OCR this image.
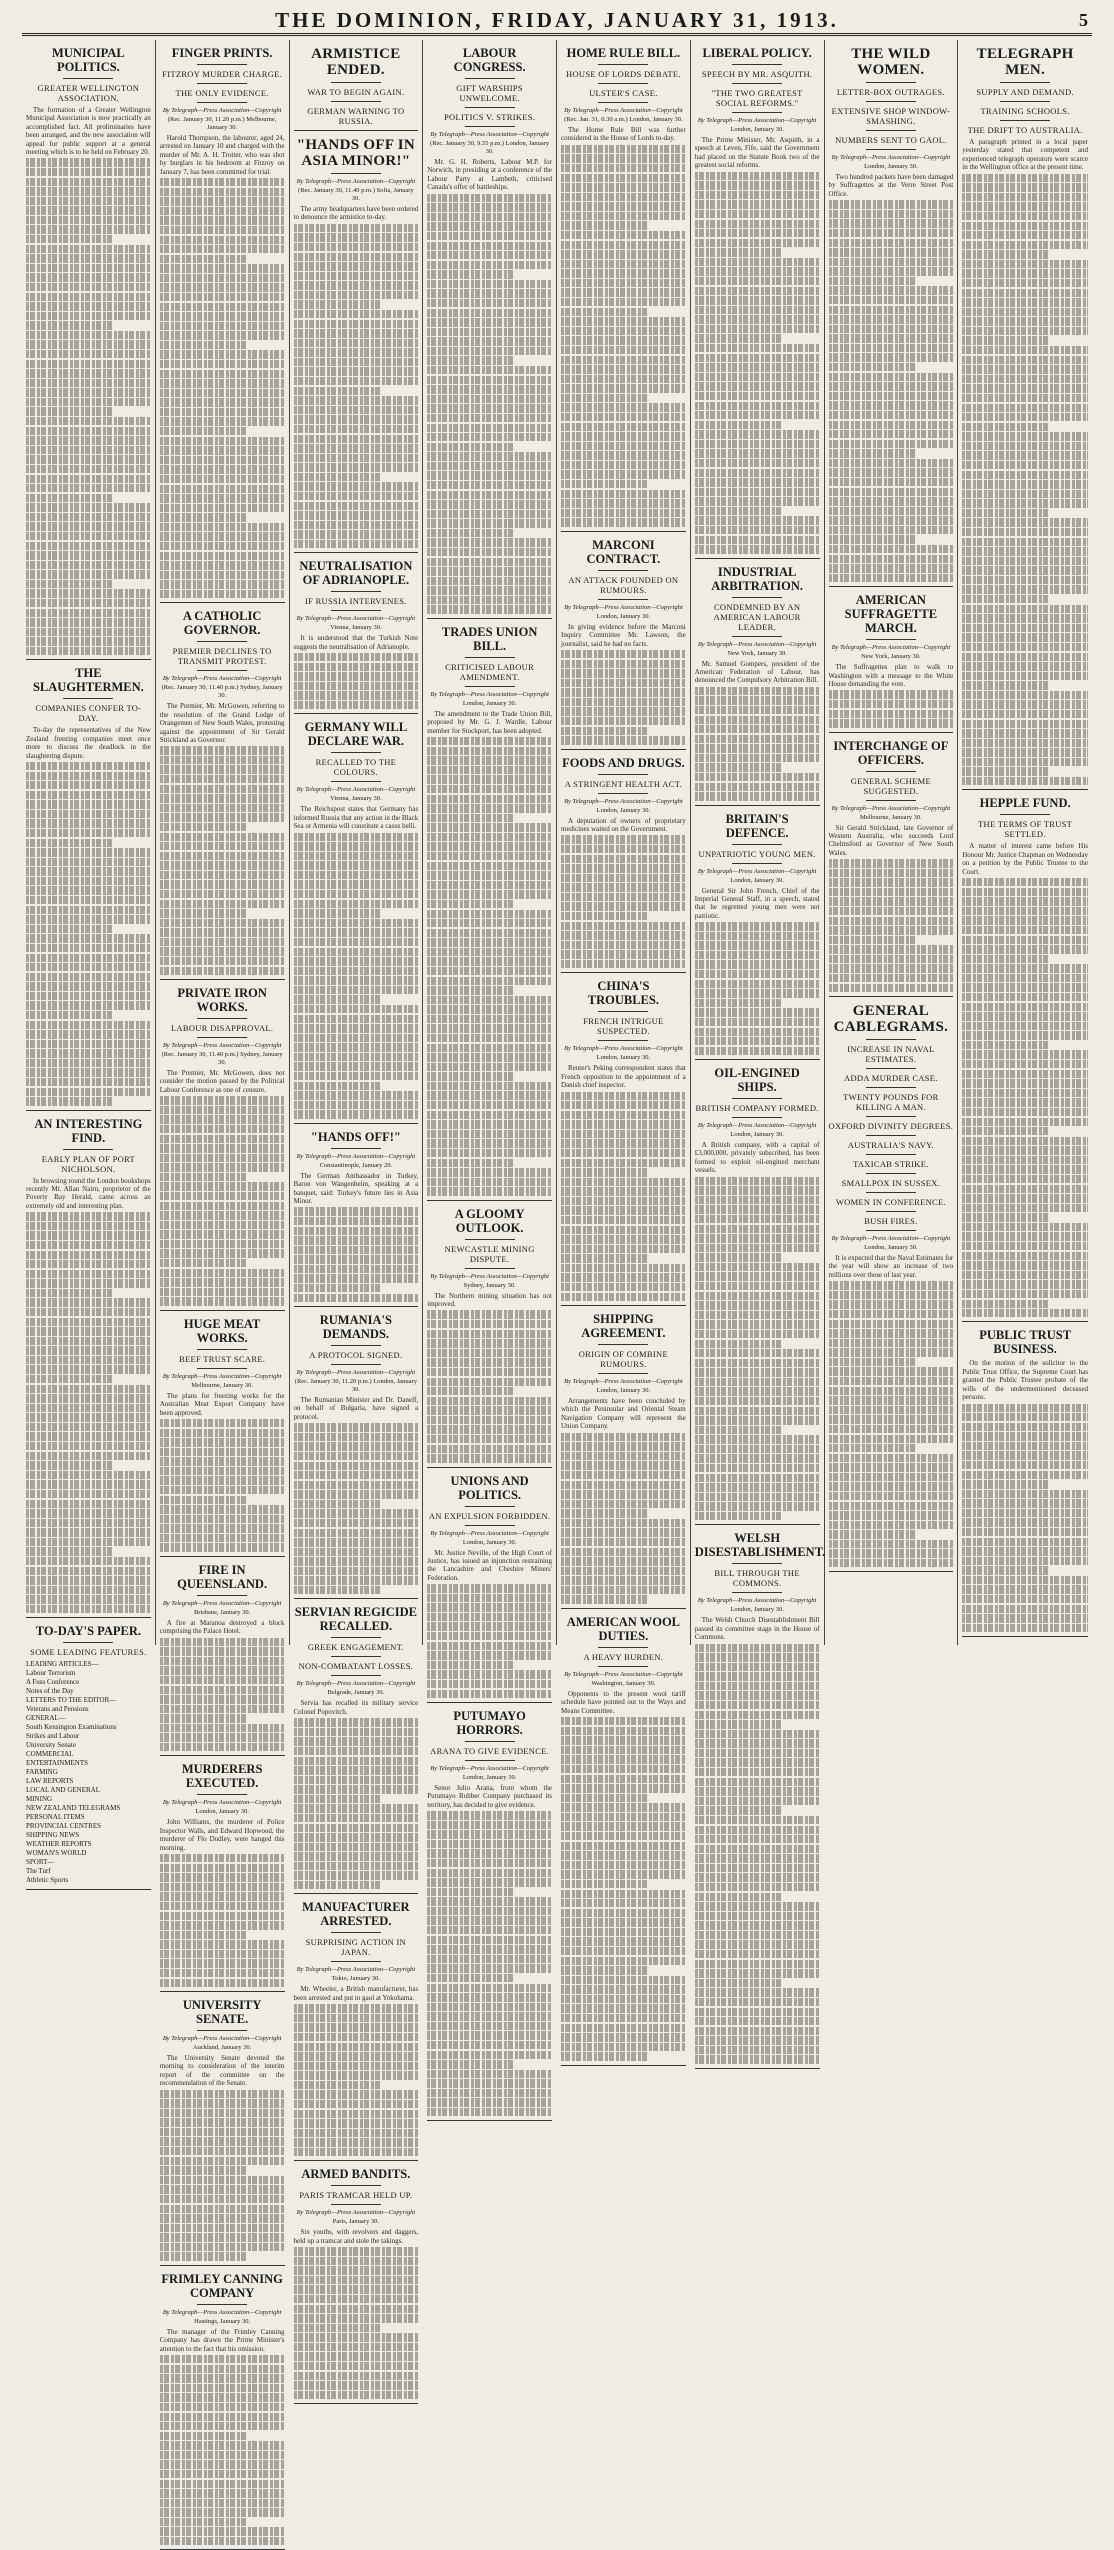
THE DOMINION, FRIDAY, JANUARY 31, 1913.	5
MUNICIPAL POLITICS.
GREATER WELLINGTON ASSOCIATION.

The formation of a Greater Wellington Municipal Association is now practically an accomplished fact. All proliminaries have been arranged, and the new association will appeal for public support at a general meeting which is to be held on February 20.

THE SLAUGHTERMEN.
COMPANIES CONFER TO-DAY.

To-day the representatives of the New Zealand freezing companies meet once more to discuss the deadlock in the slaughtering dispute.

AN INTERESTING FIND.
EARLY PLAN OF PORT NICHOLSON.

In browsing round the London bookshops recently Mr. Allan Nairn, proprietor of the Poverty Bay Herald, came across an extremely old and interesting plan.

TO-DAY'S PAPER.
SOME LEADING FEATURES.
LEADING ARTICLES—
Labour Terrorism
A Fuss Conference
Notes of the Day
LETTERS TO THE EDITOR—
Veterans and Pensions
GENERAL—
South Kensington Examinations
Strikes and Labour
University Senate
COMMERCIAL
ENTERTAINMENTS
FARMING
LAW REPORTS
LOCAL AND GENERAL
MINING
NEW ZEALAND TELEGRAMS
PERSONAL ITEMS
PROVINCIAL CENTRES
SHIPPING NEWS
WEATHER REPORTS
WOMAN'S WORLD
SPORT—
The Turf
Athletic Sports
FINGER PRINTS.
FITZROY MURDER CHARGE.
THE ONLY EVIDENCE.
By Telegraph—Press Association—Copyright
(Rec. January 30, 11.20 p.m.) Melbourne, January 30.

Harold Thompson, the labourer, aged 24, arrested on January 10 and charged with the murder of Mr. A. H. Trotter, who was shot by burglars in his bedroom at Fitzroy on January 7, has been committed for trial.

A CATHOLIC GOVERNOR.
PREMIER DECLINES TO TRANSMIT PROTEST.
By Telegraph—Press Association—Copyright
(Rec. January 30, 11.40 p.m.) Sydney, January 30.

The Premier, Mr. McGowen, referring to the resolution of the Grand Lodge of Orangemen of New South Wales, protesting against the appointment of Sir Gerald Strickland as Governor.

PRIVATE IRON WORKS.
LABOUR DISAPPROVAL.
By Telegraph—Press Association—Copyright
(Rec. January 30, 11.40 p.m.) Sydney, January 30.

The Premier, Mr. McGowen, does not consider the motion passed by the Political Labour Conference as one of censure.

HUGE MEAT WORKS.
BEEF TRUST SCARE.
By Telegraph—Press Association—Copyright
Melbourne, January 30.

The plans for freezing works for the Australian Meat Export Company have been approved.

FIRE IN QUEENSLAND.
By Telegraph—Press Association—Copyright
Brisbane, January 30.

A fire at Maranoa destroyed a block comprising the Palace Hotel.

MURDERERS EXECUTED.
By Telegraph—Press Association—Copyright
London, January 30.

John Williams, the murderer of Police Inspector Walls, and Edward Hopwood, the murderer of Flo Dudley, were hanged this morning.

UNIVERSITY SENATE.
By Telegraph—Press Association—Copyright
Auckland, January 30.

The University Senate devoted the morning to consideration of the interim report of the committee on the recommendation of the Senate.

FRIMLEY CANNING COMPANY
By Telegraph—Press Association—Copyright
Hastings, January 30.

The manager of the Frimley Canning Company has drawn the Prime Minister's attention to the fact that his omission.

ARMISTICE ENDED.
WAR TO BEGIN AGAIN.
GERMAN WARNING TO RUSSIA.
"HANDS OFF IN ASIA MINOR!"
By Telegraph—Press Association—Copyright
(Rec. January 30, 11.40 p.m.) Sofia, January 30.

The army headquarters have been ordered to denounce the armistice to-day.

NEUTRALISATION OF ADRIANOPLE.
IF RUSSIA INTERVENES.
By Telegraph—Press Association—Copyright
Vienna, January 30.

It is understood that the Turkish Note suggests the neutralisation of Adrianople.

GERMANY WILL DECLARE WAR.
RECALLED TO THE COLOURS.
By Telegraph—Press Association—Copyright
Vienna, January 30.

The Reichspost states that Germany has informed Russia that any action in the Black Sea or Armenia will constitute a casus belli.

"HANDS OFF!"
By Telegraph—Press Association—Copyright
Constantinople, January 29.

The German Ambassador in Turkey, Baron von Wangenheim, speaking at a banquet, said: Turkey's future lies in Asia Minor.

RUMANIA'S DEMANDS.
A PROTOCOL SIGNED.
By Telegraph—Press Association—Copyright
(Rec. January 30, 11.20 p.m.) London, January 30.

The Rumanian Minister and Dr. Daneff, on behalf of Bulgaria, have signed a protocol.

SERVIAN REGICIDE RECALLED.
GREEK ENGAGEMENT.
NON-COMBATANT LOSSES.
By Telegraph—Press Association—Copyright
Belgrade, January 30.

Servia has recalled its military service Colonel Popovitch.

MANUFACTURER ARRESTED.
SURPRISING ACTION IN JAPAN.
By Telegraph—Press Association—Copyright
Tokio, January 30.

Mr. Wheeler, a British manufacturer, has been arrested and put in gaol at Yokohama.

ARMED BANDITS.
PARIS TRAMCAR HELD UP.
By Telegraph—Press Association—Copyright
Paris, January 30.

Six youths, with revolvers and daggers, held up a tramcar and stole the takings.

LABOUR CONGRESS.
GIFT WARSHIPS UNWELCOME.
POLITICS V. STRIKES.
By Telegraph—Press Association—Copyright
(Rec. January 30, 9.55 p.m.) London, January 30.

Mr. G. H. Roberts, Labour M.P. for Norwich, in presiding at a conference of the Labour Party at Lambeth, criticised Canada's offer of battleships.

TRADES UNION BILL.
CRITICISED LABOUR AMENDMENT.
By Telegraph—Press Association—Copyright
London, January 30.

The amendment to the Trade Union Bill, proposed by Mr. G. J. Wardle, Labour member for Stockport, has been adopted.

A GLOOMY OUTLOOK.
NEWCASTLE MINING DISPUTE.
By Telegraph—Press Association—Copyright
Sydney, January 30.

The Northern mining situation has not improved.

UNIONS AND POLITICS.
AN EXPULSION FORBIDDEN.
By Telegraph—Press Association—Copyright
London, January 30.

Mr. Justice Neville, of the High Court of Justice, has issued an injunction restraining the Lancashire and Cheshire Miners' Federation.

PUTUMAYO HORRORS.
ARANA TO GIVE EVIDENCE.
By Telegraph—Press Association—Copyright
London, January 30.

Senor Julio Arana, from whom the Putumayo Rubber Company purchased its territory, has decided to give evidence.

HOME RULE BILL.
HOUSE OF LORDS DEBATE.
ULSTER'S CASE.
By Telegraph—Press Association—Copyright
(Rec. Jan. 31, 0.30 a.m.) London, January 30.

The Home Rule Bill was further considered in the House of Lords to-day.

MARCONI CONTRACT.
AN ATTACK FOUNDED ON RUMOURS.
By Telegraph—Press Association—Copyright
London, January 30.

In giving evidence before the Marconi Inquiry Committee Mr. Lawson, the journalist, said he had no facts.

FOODS AND DRUGS.
A STRINGENT HEALTH ACT.
By Telegraph—Press Association—Copyright
London, January 30.

A deputation of owners of proprietary medicines waited on the Government.

CHINA'S TROUBLES.
FRENCH INTRIGUE SUSPECTED.
By Telegraph—Press Association—Copyright
London, January 30.

Reuter's Peking correspondent states that French opposition to the appointment of a Danish chief inspector.

SHIPPING AGREEMENT.
ORIGIN OF COMBINE RUMOURS.
By Telegraph—Press Association—Copyright
London, January 30.

Arrangements have been concluded by which the Peninsular and Oriental Steam Navigation Company will represent the Union Company.

AMERICAN WOOL DUTIES.
A HEAVY BURDEN.
By Telegraph—Press Association—Copyright
Washington, January 30.

Opponents to the present wool tariff schedule have pointed out to the Ways and Means Committee.

LIBERAL POLICY.
SPEECH BY MR. ASQUITH.
"THE TWO GREATEST SOCIAL REFORMS."
By Telegraph—Press Association—Copyright
London, January 30.

The Prime Minister, Mr. Asquith, in a speech at Leven, Fife, said the Government had placed on the Statute Book two of the greatest social reforms.

INDUSTRIAL ARBITRATION.
CONDEMNED BY AN AMERICAN LABOUR LEADER.
By Telegraph—Press Association—Copyright
New York, January 30.

Mr. Samuel Gompers, president of the American Federation of Labour, has denounced the Compulsory Arbitration Bill.

BRITAIN'S DEFENCE.
UNPATRIOTIC YOUNG MEN.
By Telegraph—Press Association—Copyright
London, January 30.

General Sir John French, Chief of the Imperial General Staff, in a speech, stated that he regretted young men were not patriotic.

OIL-ENGINED SHIPS.
BRITISH COMPANY FORMED.
By Telegraph—Press Association—Copyright
London, January 30.

A British company, with a capital of £3,000,000, privately subscribed, has been formed to exploit oil-engined merchant vessels.

WELSH DISESTABLISHMENT.
BILL THROUGH THE COMMONS.
By Telegraph—Press Association—Copyright
London, January 30.

The Welsh Church Disestablishment Bill passed its committee stage in the House of Commons.

THE WILD WOMEN.
LETTER-BOX OUTRAGES.
EXTENSIVE SHOP WINDOW-SMASHING.
NUMBERS SENT TO GAOL.
By Telegraph—Press Association—Copyright
London, January 30.

Two hundred packets have been damaged by Suffragettes at the Verre Street Post Office.

AMERICAN SUFFRAGETTE MARCH.
By Telegraph—Press Association—Copyright
New York, January 30.

The Suffragettes plan to walk to Washington with a message to the White House demanding the vote.

INTERCHANGE OF OFFICERS.
GENERAL SCHEME SUGGESTED.
By Telegraph—Press Association—Copyright
Melbourne, January 30.

Sir Gerald Strickland, late Governor of Western Australia, who succeeds Lord Chelmsford as Governor of New South Wales.

GENERAL CABLEGRAMS.
INCREASE IN NAVAL ESTIMATES.
ADDA MURDER CASE.
TWENTY POUNDS FOR KILLING A MAN.
OXFORD DIVINITY DEGREES.
AUSTRALIA'S NAVY.
TAXICAB STRIKE.
SMALLPOX IN SUSSEX.
WOMEN IN CONFERENCE.
BUSH FIRES.
By Telegraph—Press Association—Copyright
London, January 30.

It is expected that the Naval Estimates for the year will show an increase of two millions over those of last year.

TELEGRAPH MEN.
SUPPLY AND DEMAND.
TRAINING SCHOOLS.
THE DRIFT TO AUSTRALIA.

A paragraph printed in a local paper yesterday stated that competent and experienced telegraph operators were scarce in the Wellington office at the present time.

HEPPLE FUND.
THE TERMS OF TRUST SETTLED.

A matter of interest came before His Honour Mr. Justice Chapman on Wednesday on a petition by the Public Trustee to the Court.

PUBLIC TRUST BUSINESS.

On the motion of the solicitor to the Public Trust Office, the Supreme Court has granted the Public Trustee probate of the wills of the undermentioned deceased persons.
